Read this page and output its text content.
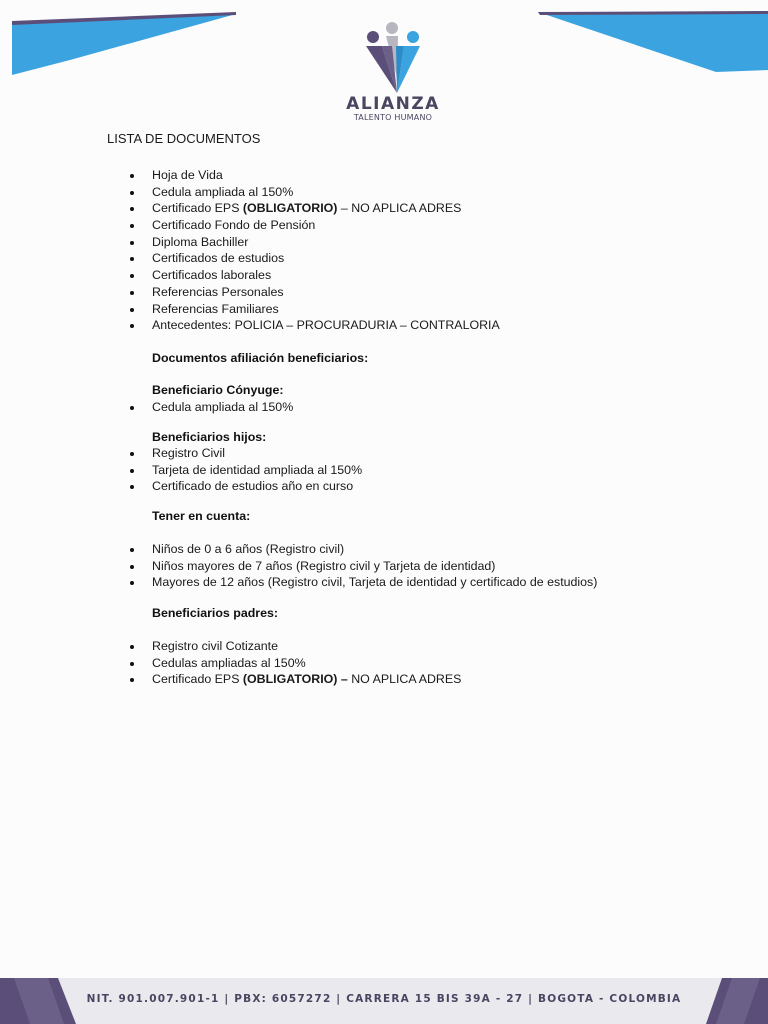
ALIANZA
TALENTO HUMANO
LISTA DE DOCUMENTOS
Hoja de Vida
Cedula ampliada al 150%
Certificado EPS (OBLIGATORIO) – NO APLICA ADRES
Certificado Fondo de Pensión
Diploma Bachiller
Certificados de estudios
Certificados laborales
Referencias Personales
Referencias Familiares
Antecedentes: POLICIA – PROCURADURIA – CONTRALORIA
Documentos afiliación beneficiarios:
Beneficiario Cónyuge:
Cedula ampliada al 150%
Beneficiarios hijos:
Registro Civil
Tarjeta de identidad ampliada al 150%
Certificado de estudios año en curso
Tener en cuenta:
Niños de 0 a 6 años (Registro civil)
Niños mayores de 7 años (Registro civil y Tarjeta de identidad)
Mayores de 12 años (Registro civil, Tarjeta de identidad y certificado de estudios)
Beneficiarios padres:
Registro civil Cotizante
Cedulas ampliadas al 150%
Certificado EPS (OBLIGATORIO) – NO APLICA ADRES
NIT. 901.007.901-1 | PBX: 6057272 | CARRERA 15 BIS 39A - 27 | BOGOTA - COLOMBIA
